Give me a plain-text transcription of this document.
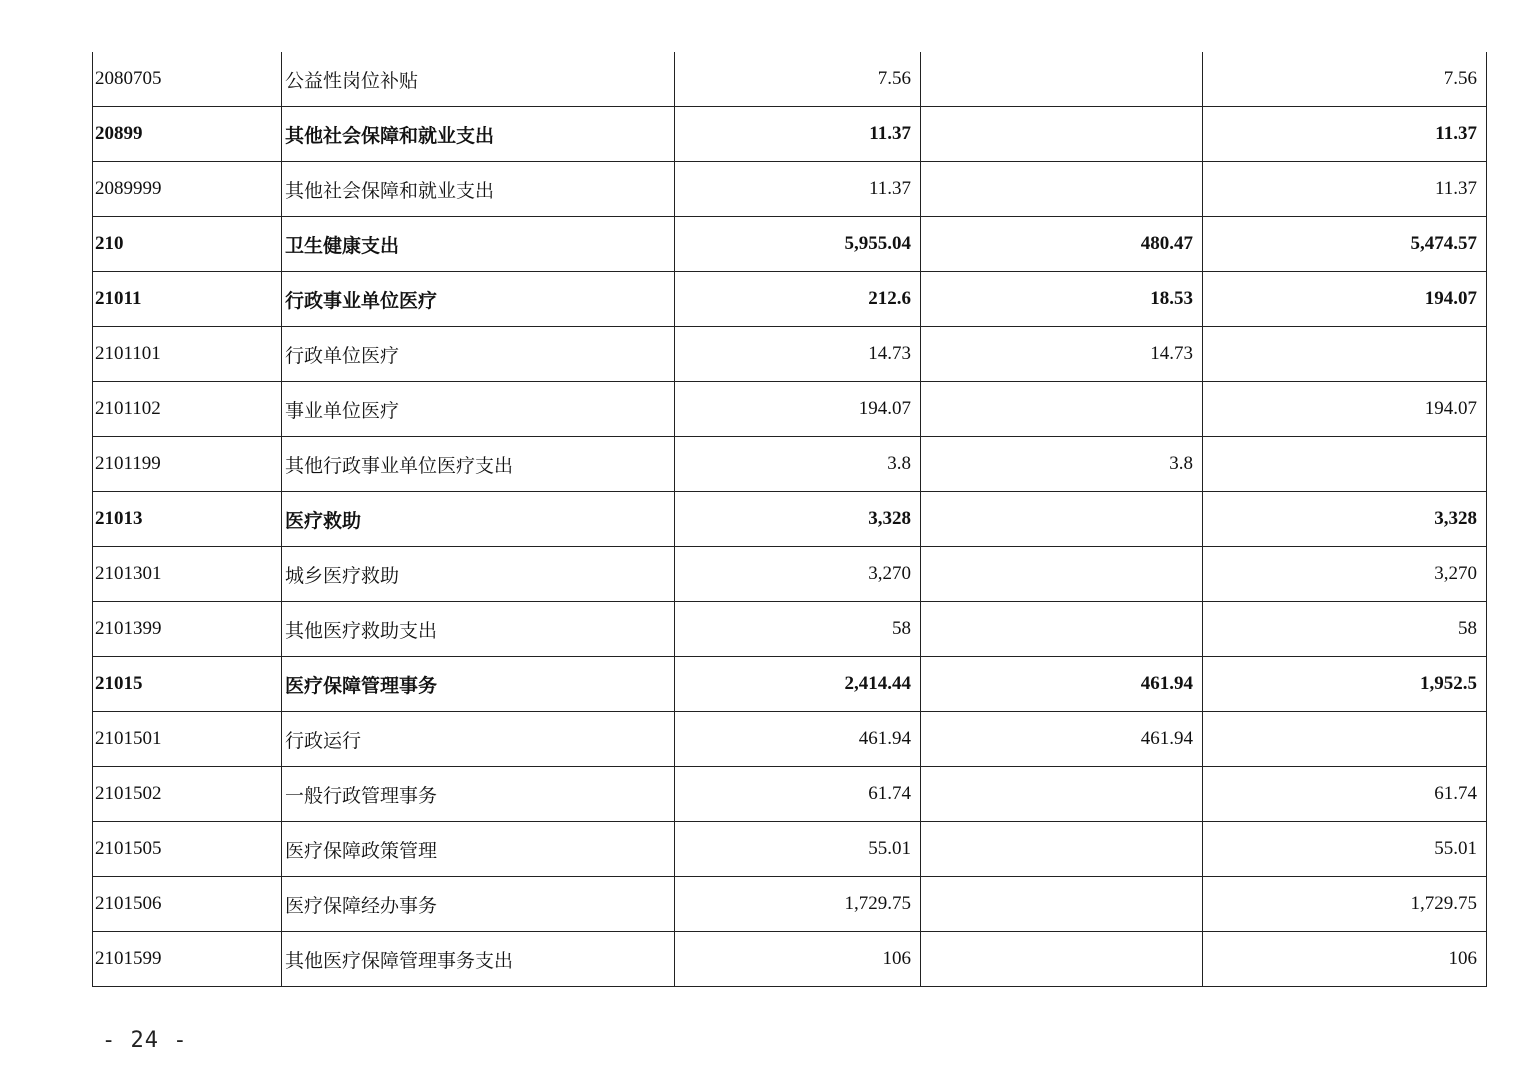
2080705	公益性岗位补贴	7.56		7.56
20899	其他社会保障和就业支出	11.37		11.37
2089999	其他社会保障和就业支出	11.37		11.37
210	卫生健康支出	5,955.04	480.47	5,474.57
21011	行政事业单位医疗	212.6	18.53	194.07
2101101	行政单位医疗	14.73	14.73	
2101102	事业单位医疗	194.07		194.07
2101199	其他行政事业单位医疗支出	3.8	3.8	
21013	医疗救助	3,328		3,328
2101301	城乡医疗救助	3,270		3,270
2101399	其他医疗救助支出	58		58
21015	医疗保障管理事务	2,414.44	461.94	1,952.5
2101501	行政运行	461.94	461.94	
2101502	一般行政管理事务	61.74		61.74
2101505	医疗保障政策管理	55.01		55.01
2101506	医疗保障经办事务	1,729.75		1,729.75
2101599	其他医疗保障管理事务支出	106		106
- 24 -
